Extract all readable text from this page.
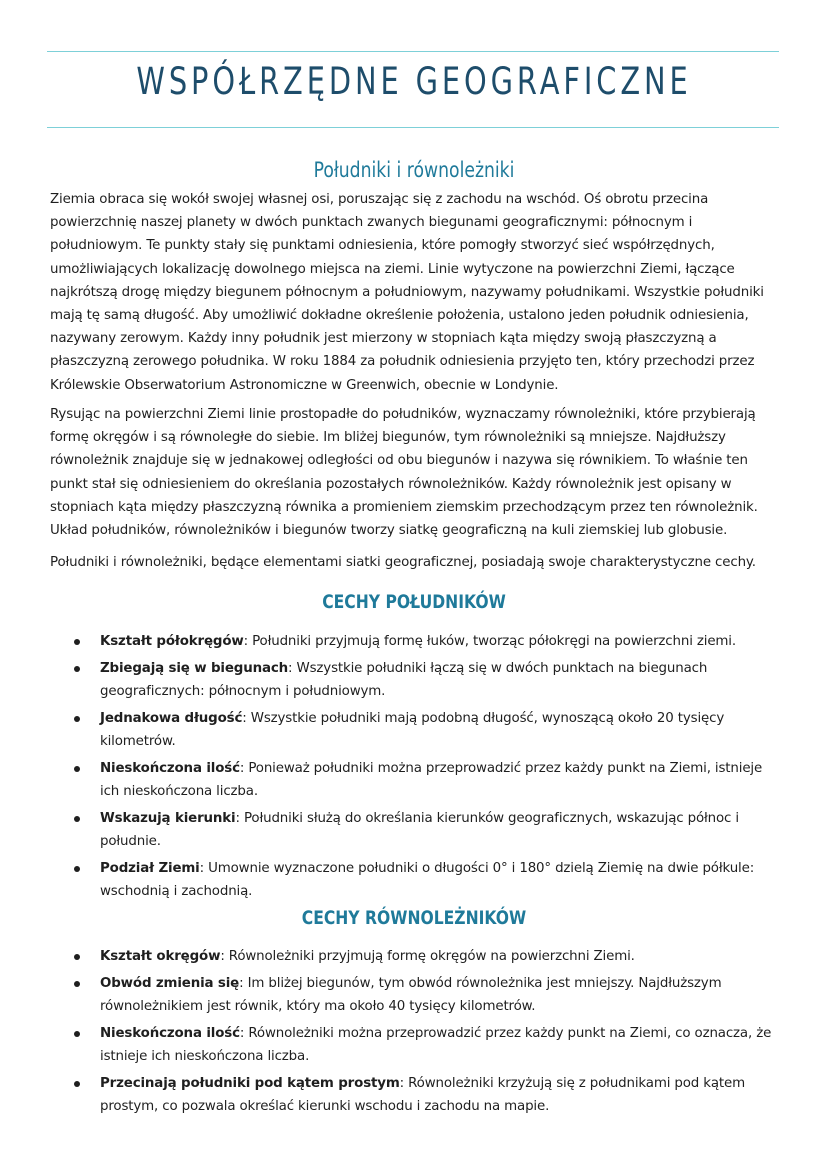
WSPÓŁRZĘDNE GEOGRAFICZNE
Południki i równoleżniki

Ziemia obraca się wokół swojej własnej osi, poruszając się z zachodu na wschód. Oś obrotu przecina powierzchnię naszej planety w dwóch punktach zwanych biegunami geograficznymi: północnym i południowym. Te punkty stały się punktami odniesienia, które pomogły stworzyć sieć współrzędnych, umożliwiających lokalizację dowolnego miejsca na ziemi. Linie wytyczone na powierzchni Ziemi, łączące najkrótszą drogę między biegunem północnym a południowym, nazywamy południkami. Wszystkie południki mają tę samą długość. Aby umożliwić dokładne określenie położenia, ustalono jeden południk odniesienia, nazywany zerowym. Każdy inny południk jest mierzony w stopniach kąta między swoją płaszczyzną a płaszczyzną zerowego południka. W roku 1884 za południk odniesienia przyjęto ten, który przechodzi przez Królewskie Obserwatorium Astronomiczne w Greenwich, obecnie w Londynie.

Rysując na powierzchni Ziemi linie prostopadłe do południków, wyznaczamy równoleżniki, które przybierają formę okręgów i są równoległe do siebie. Im bliżej biegunów, tym równoleżniki są mniejsze. Najdłuższy równoleżnik znajduje się w jednakowej odległości od obu biegunów i nazywa się równikiem. To właśnie ten punkt stał się odniesieniem do określania pozostałych równoleżników. Każdy równoleżnik jest opisany w stopniach kąta między płaszczyzną równika a promieniem ziemskim przechodzącym przez ten równoleżnik. Układ południków, równoleżników i biegunów tworzy siatkę geograficzną na kuli ziemskiej lub globusie.

Południki i równoleżniki, będące elementami siatki geograficznej, posiadają swoje charakterystyczne cechy.

CECHY POŁUDNIKÓW
Kształt półokręgów: Południki przyjmują formę łuków, tworząc półokręgi na powierzchni ziemi.
Zbiegają się w biegunach: Wszystkie południki łączą się w dwóch punktach na biegunach geograficznych: północnym i południowym.
Jednakowa długość: Wszystkie południki mają podobną długość, wynoszącą około 20 tysięcy kilometrów.
Nieskończona ilość: Ponieważ południki można przeprowadzić przez każdy punkt na Ziemi, istnieje ich nieskończona liczba.
Wskazują kierunki: Południki służą do określania kierunków geograficznych, wskazując północ i południe.
Podział Ziemi: Umownie wyznaczone południki o długości 0° i 180° dzielą Ziemię na dwie półkule: wschodnią i zachodnią.
CECHY RÓWNOLEŻNIKÓW
Kształt okręgów: Równoleżniki przyjmują formę okręgów na powierzchni Ziemi.
Obwód zmienia się: Im bliżej biegunów, tym obwód równoleżnika jest mniejszy. Najdłuższym równoleżnikiem jest równik, który ma około 40 tysięcy kilometrów.
Nieskończona ilość: Równoleżniki można przeprowadzić przez każdy punkt na Ziemi, co oznacza, że istnieje ich nieskończona liczba.
Przecinają południki pod kątem prostym: Równoleżniki krzyżują się z południkami pod kątem prostym, co pozwala określać kierunki wschodu i zachodu na mapie.
